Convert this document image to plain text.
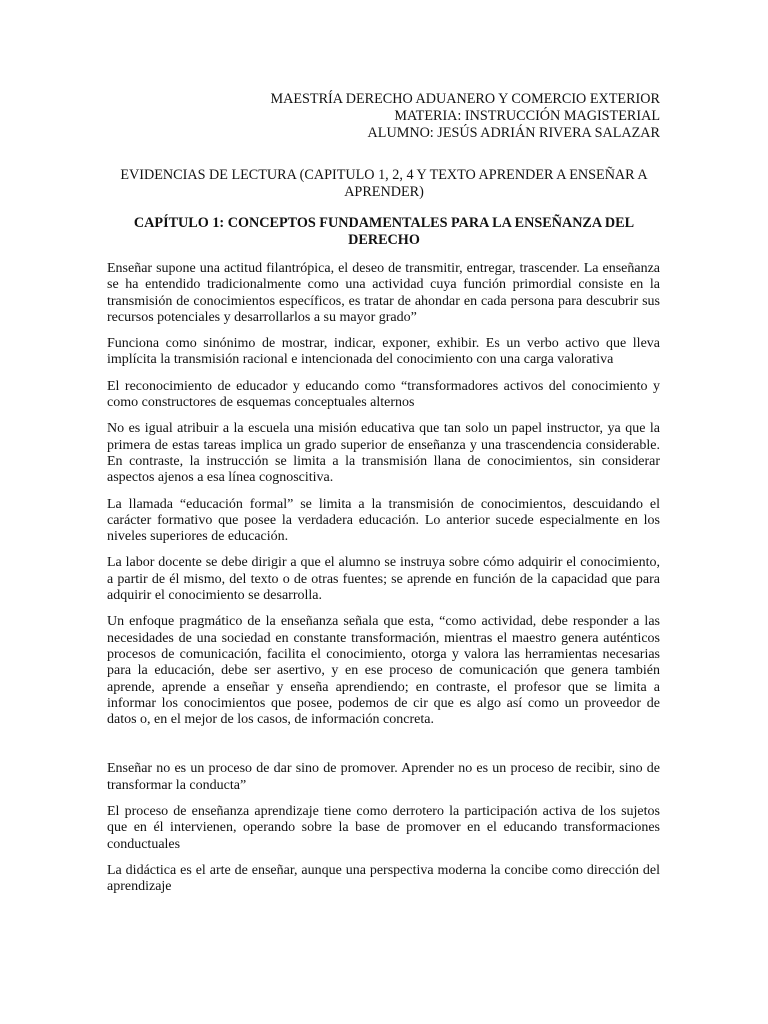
MAESTRÍA DERECHO ADUANERO Y COMERCIO EXTERIOR
MATERIA: INSTRUCCIÓN MAGISTERIAL
ALUMNO: JESÚS ADRIÁN RIVERA SALAZAR
EVIDENCIAS DE LECTURA (CAPITULO 1, 2, 4 Y TEXTO APRENDER A ENSEÑAR A APRENDER)
CAPÍTULO 1: CONCEPTOS FUNDAMENTALES PARA LA ENSEÑANZA DEL DERECHO

Enseñar supone una actitud filantrópica, el deseo de transmitir, entregar, trascender. La enseñanza se ha entendido tradicionalmente como una actividad cuya función primordial consiste en la transmisión de conocimientos específicos, es tratar de ahondar en cada persona para descubrir sus recursos potenciales y desarrollarlos a su mayor grado”

Funciona como sinónimo de mostrar, indicar, exponer, exhibir. Es un verbo activo que lleva implícita la transmisión racional e intencionada del conocimiento con una carga valorativa

El reconocimiento de educador y educando como “transformadores activos del conocimiento y como constructores de esquemas conceptuales alternos

No es igual atribuir a la escuela una misión educativa que tan solo un papel instructor, ya que la primera de estas tareas implica un grado superior de enseñanza y una trascendencia considerable. En contraste, la instrucción se limita a la transmisión llana de conocimientos, sin considerar aspectos ajenos a esa línea cognoscitiva.

La llamada “educación formal” se limita a la transmisión de conocimientos, descuidando el carácter formativo que posee la verdadera educación. Lo anterior sucede especialmente en los niveles superiores de educación.

La labor docente se debe dirigir a que el alumno se instruya sobre cómo adquirir el conocimiento, a partir de él mismo, del texto o de otras fuentes; se aprende en función de la capacidad que para adquirir el conocimiento se desarrolla.

Un enfoque pragmático de la enseñanza señala que esta, “como actividad, debe responder a las necesidades de una sociedad en constante transformación, mientras el maestro genera auténticos procesos de comunicación, facilita el conocimiento, otorga y valora las herramientas necesarias para la educación, debe ser asertivo, y en ese proceso de comunicación que genera también aprende, aprende a enseñar y enseña aprendiendo; en contraste, el profesor que se limita a informar los conocimientos que posee, podemos de cir que es algo así como un proveedor de datos o, en el mejor de los casos, de información concreta.

Enseñar no es un proceso de dar sino de promover. Aprender no es un proceso de recibir, sino de transformar la conducta”

El proceso de enseñanza aprendizaje tiene como derrotero la participación activa de los sujetos que en él intervienen, operando sobre la base de promover en el educando transformaciones conductuales

La didáctica es el arte de enseñar, aunque una perspectiva moderna la concibe como dirección del aprendizaje
